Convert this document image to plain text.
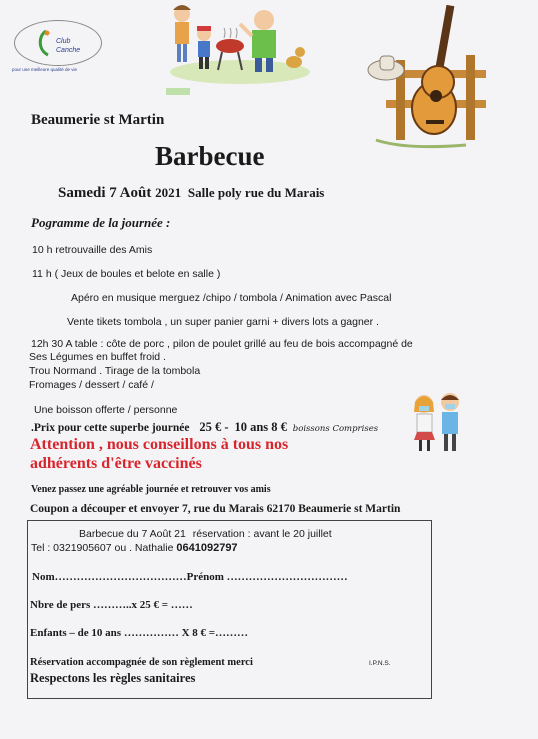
Club
Canche
pour une meilleure qualité de vie
Beaumerie st Martin
Barbecue
Samedi 7 Août 2021 Salle poly rue du Marais
Pogramme de la journée :
10 h retrouvaille des Amis
11 h ( Jeux de boules et belote en salle )
Apéro en musique merguez /chipo / tombola / Animation avec Pascal
Vente tikets tombola , un super panier garni + divers lots a gagner .
12h 30 A table : côte de porc , pilon de poulet grillé au feu de bois accompagné de
Ses Légumes en buffet froid .
Trou Normand . Tirage de la tombola
Fromages / dessert / café /
Une boisson offerte / personne
.Prix pour cette superbe journée 25 € - 10 ans 8 € boissons Comprises
Attention , nous conseillons à tous nos
adhérents d'être vaccinés
Venez passez une agréable journée et retrouver vos amis
Coupon a découper et envoyer 7, rue du Marais 62170 Beaumerie st Martin
Barbecue du 7 Août 21 réservation : avant le 20 juillet
Tel : 0321905607 ou . Nathalie 0641092797
Nom………………………………Prénom ……………………………
Nbre de pers ………..x 25 € = ……
Enfants – de 10 ans …………… X 8 € =………
Réservation accompagnée de son règlement merci	I.P.N.S.
Respectons les règles sanitaires
